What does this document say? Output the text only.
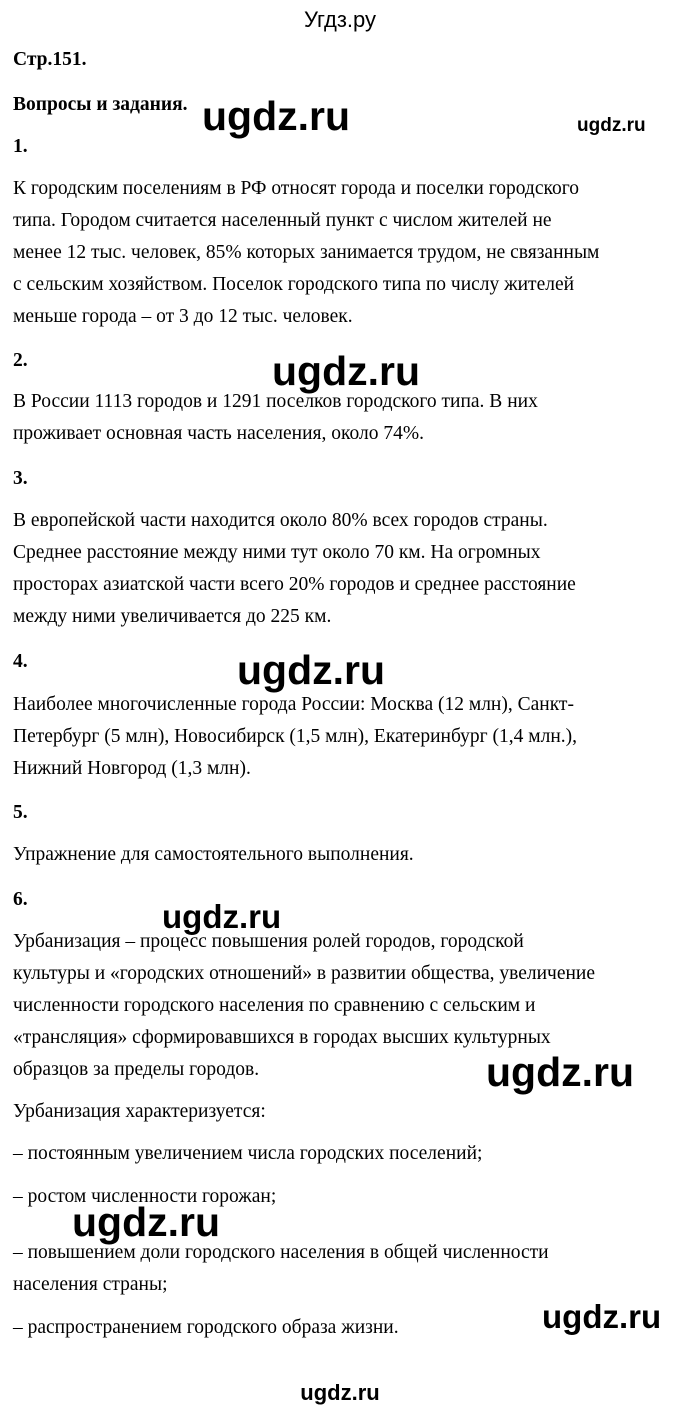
Угдз.ру

Стр.151.

Вопросы и задания.

1.

К городским поселениям в РФ относят города и поселки городского

типа. Городом считается населенный пункт с числом жителей не

менее 12 тыс. человек, 85% которых занимается трудом, не связанным

с сельским хозяйством. Поселок городского типа по числу жителей

меньше города – от 3 до 12 тыс. человек.

2.

В России 1113 городов и 1291 поселков городского типа. В них

проживает основная часть населения, около 74%.

3.

В европейской части находится около 80% всех городов страны.

Среднее расстояние между ними тут около 70 км. На огромных

просторах азиатской части всего 20% городов и среднее расстояние

между ними увеличивается до 225 км.

4.

Наиболее многочисленные города России: Москва (12 млн), Санкт-

Петербург (5 млн), Новосибирск (1,5 млн), Екатеринбург (1,4 млн.),

Нижний Новгород (1,3 млн).

5.

Упражнение для самостоятельного выполнения.

6.

Урбанизация – процесс повышения ролей городов, городской

культуры и «городских отношений» в развитии общества, увеличение

численности городского населения по сравнению с сельским и

«трансляция» сформировавшихся в городах высших культурных

образцов за пределы городов.

Урбанизация характеризуется:

– постоянным увеличением числа городских поселений;

– ростом численности горожан;

– повышением доли городского населения в общей численности

населения страны;

– распространением городского образа жизни.

ugdz.ru	ugdz.ru
ugdz.ru
ugdz.ru
ugdz.ru
ugdz.ru
ugdz.ru
ugdz.ru
ugdz.ru
